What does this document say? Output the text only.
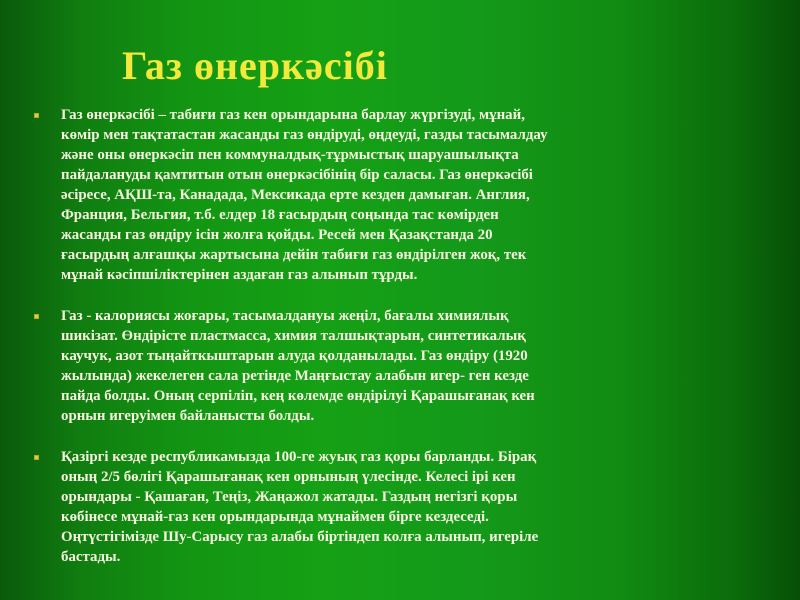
Газ өнеркәсібі
Газ өнеркәсібі – табиғи газ кен орындарына барлау жүргізуді, мұнай,
көмір мен тақтатастан жасанды газ өндіруді, өңдеуді, газды тасымалдау
жəне оны өнеркəсіп пен коммуналдық-тұрмыстық шаруашылықта
пайдалануды қамтитын отын өнеркəсібінің бір саласы. Газ өнеркəсібі
əсіресе, АҚШ-та, Канадада, Мексикада ерте кезден дамыған. Англия,
Франция, Бельгия, т.б. елдер 18 ғасырдың соңында тас көмірден
жасанды газ өндіру ісін жолға қойды. Ресей мен Қазақстанда 20
ғасырдың алғашқы жартысына дейін табиғи газ өндірілген жоқ, тек
мұнай кəсіпшіліктерінен аздаған газ алынып тұрды.
Газ - калориясы жоғары, тасымалдануы жеңіл, бағалы химиялық
шикізат. Өндірісте пластмасса, химия талшықтарын, синтетикалық
каучук, азот тыңайткыштарын алуда қолданылады. Газ өндіру (1920
жылында) жекелеген сала ретінде Маңғыстау алабын игер- ген кезде
пайда болды. Оның серпіліп, кең көлемде өндірілуі Қарашығанақ кен
орнын игеруімен байланысты болды.
Қазіргі кезде республикамызда 100-ге жуық газ қоры барланды. Бірақ
оның 2/5 бөлігі Қарашығанақ кен орнының үлесінде. Келесі ірі кен
орындары - Қашаған, Теңіз, Жаңажол жатады. Газдың негізгі қоры
көбінесе мұнай-газ кен орындарында мұнаймен бірге кездеседі.
Оңтүстігімізде Шу-Сарысу газ алабы біртіндеп колға алынып, игеріле
бастады.
